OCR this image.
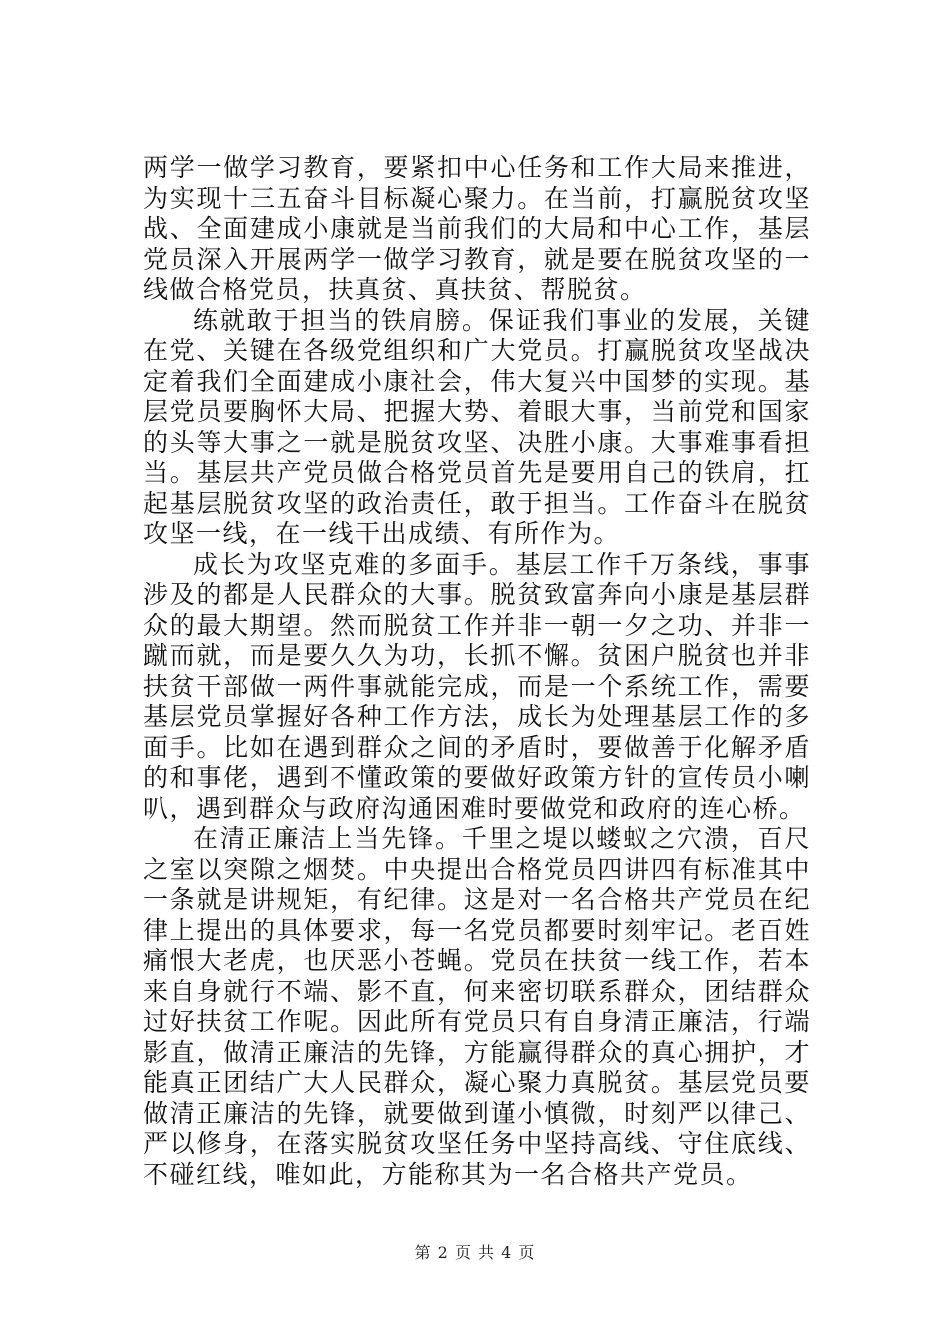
两学一做学习教育，要紧扣中心任务和工作大局来推进，为实现十三五奋斗目标凝心聚力。在当前，打赢脱贫攻坚战、全面建成小康就是当前我们的大局和中心工作，基层党员深入开展两学一做学习教育，就是要在脱贫攻坚的一线做合格党员，扶真贫、真扶贫、帮脱贫。

练就敢于担当的铁肩膀。保证我们事业的发展，关键在党、关键在各级党组织和广大党员。打赢脱贫攻坚战决定着我们全面建成小康社会，伟大复兴中国梦的实现。基层党员要胸怀大局、把握大势、着眼大事，当前党和国家的头等大事之一就是脱贫攻坚、决胜小康。大事难事看担当。基层共产党员做合格党员首先是要用自己的铁肩，扛起基层脱贫攻坚的政治责任，敢于担当。工作奋斗在脱贫攻坚一线，在一线干出成绩、有所作为。

成长为攻坚克难的多面手。基层工作千万条线，事事涉及的都是人民群众的大事。脱贫致富奔向小康是基层群众的最大期望。然而脱贫工作并非一朝一夕之功、并非一蹴而就，而是要久久为功，长抓不懈。贫困户脱贫也并非扶贫干部做一两件事就能完成，而是一个系统工作，需要基层党员掌握好各种工作方法，成长为处理基层工作的多面手。比如在遇到群众之间的矛盾时，要做善于化解矛盾的和事佬，遇到不懂政策的要做好政策方针的宣传员小喇叭，遇到群众与政府沟通困难时要做党和政府的连心桥。

在清正廉洁上当先锋。千里之堤以蝼蚁之穴溃，百尺之室以突隙之烟焚。中央提出合格党员四讲四有标准其中一条就是讲规矩，有纪律。这是对一名合格共产党员在纪律上提出的具体要求，每一名党员都要时刻牢记。老百姓痛恨大老虎，也厌恶小苍蝇。党员在扶贫一线工作，若本来自身就行不端、影不直，何来密切联系群众，团结群众过好扶贫工作呢。因此所有党员只有自身清正廉洁，行端影直，做清正廉洁的先锋，方能赢得群众的真心拥护，才能真正团结广大人民群众，凝心聚力真脱贫。基层党员要做清正廉洁的先锋，就要做到谨小慎微，时刻严以律己、严以修身，在落实脱贫攻坚任务中坚持高线、守住底线、不碰红线，唯如此，方能称其为一名合格共产党员。

第 2 页 共 4 页
